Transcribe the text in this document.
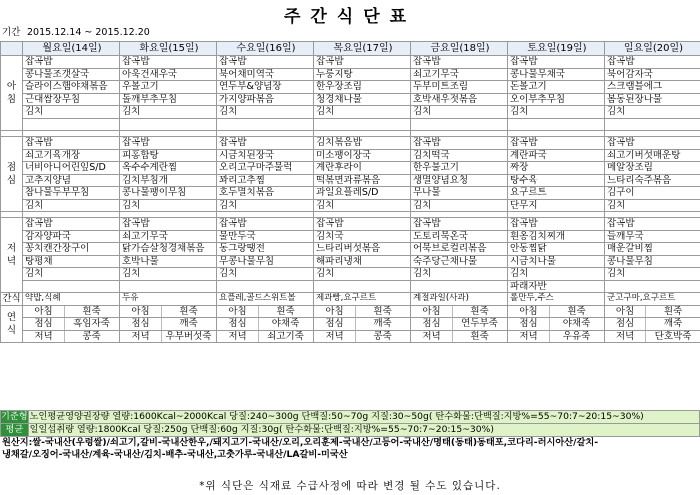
주간식단표
기간 2015.12.14 ~ 2015.12.20
	월요일(14일)	화요일(15일)	수요일(16일)	목요일(17일)	금요일(18일)	토요일(19일)	일요일(20일)

아침	잡곡밥	잡곡밥	잡곡밥	잡곡밥	잡곡밥	잡곡밥	잡곡밥
	콩나물조갯살국	아욱건새우국	북어채미역국	누룽지탕	쇠고기무국	콩나물무채국	북어감자국
	슬라이스햄야채볶음	우볼고기	연두부&양념장	한우장조림	두부미트조림	돈볼고기	스크램블에그
	근대쌈장무침	돌깨부추무침	가지양파볶음	청경채나물	호박새우젓볶음	오이부추무침	봄동된장나물
	김치	김치	김치	김치	김치	김치	김치

점심	잡곡밥	잡곡밥	잡곡밥	김치볶음밥	잡곡밥	잡곡밥	잡곡밥
	쇠고기육개장	피홍합탕	시금치된장국	미소팽이장국	김치떡국	계란파국	쇠고기버섯매운탕
	너비아니어린잎S/D	옥수수계란찜	오리고구마주물럭	계란후라이	한우불고기	짜장	메알장조림
	고추지양념	김치부침개	꽈리고추찜	떡볶면과류볶음	생멸양념요청	탕수육	느타리숙주볶음
	참나물두부무침	콩나물팽이무침	호두멸치볶음	과일요플레S/D	무나물	요구르트	김구이
	김치	김치	김치	김치	김치	단무지	김치

저녁	잡곡밥	잡곡밥	잡곡밥	잡곡밥	잡곡밥	잡곡밥	잡곡밥
	감자양파국	쇠고기무국	물만두국	김치국	도토리묵온국	흰옹김치찌개	들깨무국
	꽁치캔간장구이	닭가슴살청경채볶음	동그랑땡전	느타리버섯볶음	어묵브로컬리볶음	안동찜닭	매운갈비찜
	탕평채	호박나물	무콩나물무침	해파리냉채	숙주당근채나물	시금치나물	콩나물무침
	김치	김치	김치	김치	김치	김치	김치
						파래자반	
간식	약밥,식혜	두유	요플레,골드스위트볼	제과빵,요구르트	계절과일(사과)	롤만두,주스	군고구마,요구르트

연식	아침 흰죽	아침 흰죽	아침 흰죽	아침 흰죽	아침 흰죽	아침 흰죽	아침 흰죽
	점심 흑임자죽	점심 깨죽	점심 야채죽	점심 깨죽	점심 연두부죽	점심 야채죽	점심 깨죽
	저녁 콩죽	저녁 우부버섯죽	저녁 쇠고기죽	저녁 콩죽	저녁 흰죽	저녁 우유죽	저녁 단호박죽
기준형	노인평균영양권장량 열량:1600Kcal~2000Kcal 당질:240~300g 단백질:50~70g 지질:30~50g( 탄수화물:단백질:지방%=55~70:7~20:15~30%)
평균	일일섭취량 열량:1800Kcal 당질:250g 단백질:60g 지질:30g( 탄수화물:단백질:지방%=55~70:7~20:15~30%)
원산지:쌀-국내산(우렁쌀)/쇠고기,갈비-국내산한우,/돼지고기-국내산/오리,오리훈제-국내산/고등어-국내산/명태(동태)동태포,코다리-러시아산/갈치-
냉채갈/오징어-국내산/계육-국내산/김치-배추-국내산,고춧가루-국내산/LA갈비-미국산
*위 식단은 식재료 수급사정에 따라 변경 될 수도 있습니다.
